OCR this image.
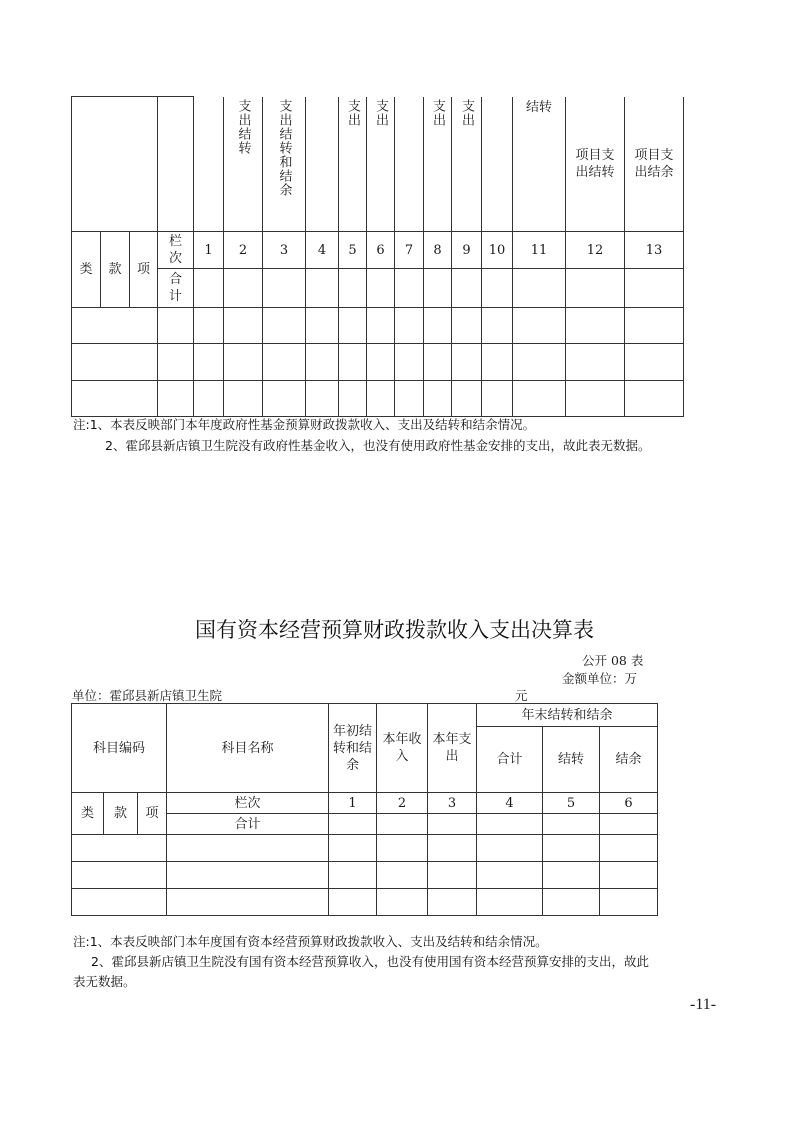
					支出结转	支出结转和结余		支出	支出		支出	支出		结转	项目支出结转	项目支出结余	

类	款	项	栏次	1	2	3	4	5	6	7	8	9	10	11	12	13	

			合计														

注:1、本表反映部门本年度政府性基金预算财政拨款收入、支出及结转和结余情况。
2、霍邱县新店镇卫生院没有政府性基金收入，也没有使用政府性基金安排的支出，故此表无数据。
国有资本经营预算财政拨款收入支出决算表
公开 08 表
金额单位：万
单位：霍邱县新店镇卫生院	元
科目编码			科目名称	年初结转和结余	本年收入	本年支出	年末结转和结余		
							合计	结转	结余
类	款	项	栏次	1	2	3	4	5	6
			合计						

注:1、本表反映部门本年度国有资本经营预算财政拨款收入、支出及结转和结余情况。
2、霍邱县新店镇卫生院没有国有资本经营预算收入，也没有使用国有资本经营预算安排的支出，故此
表无数据。
-11-
